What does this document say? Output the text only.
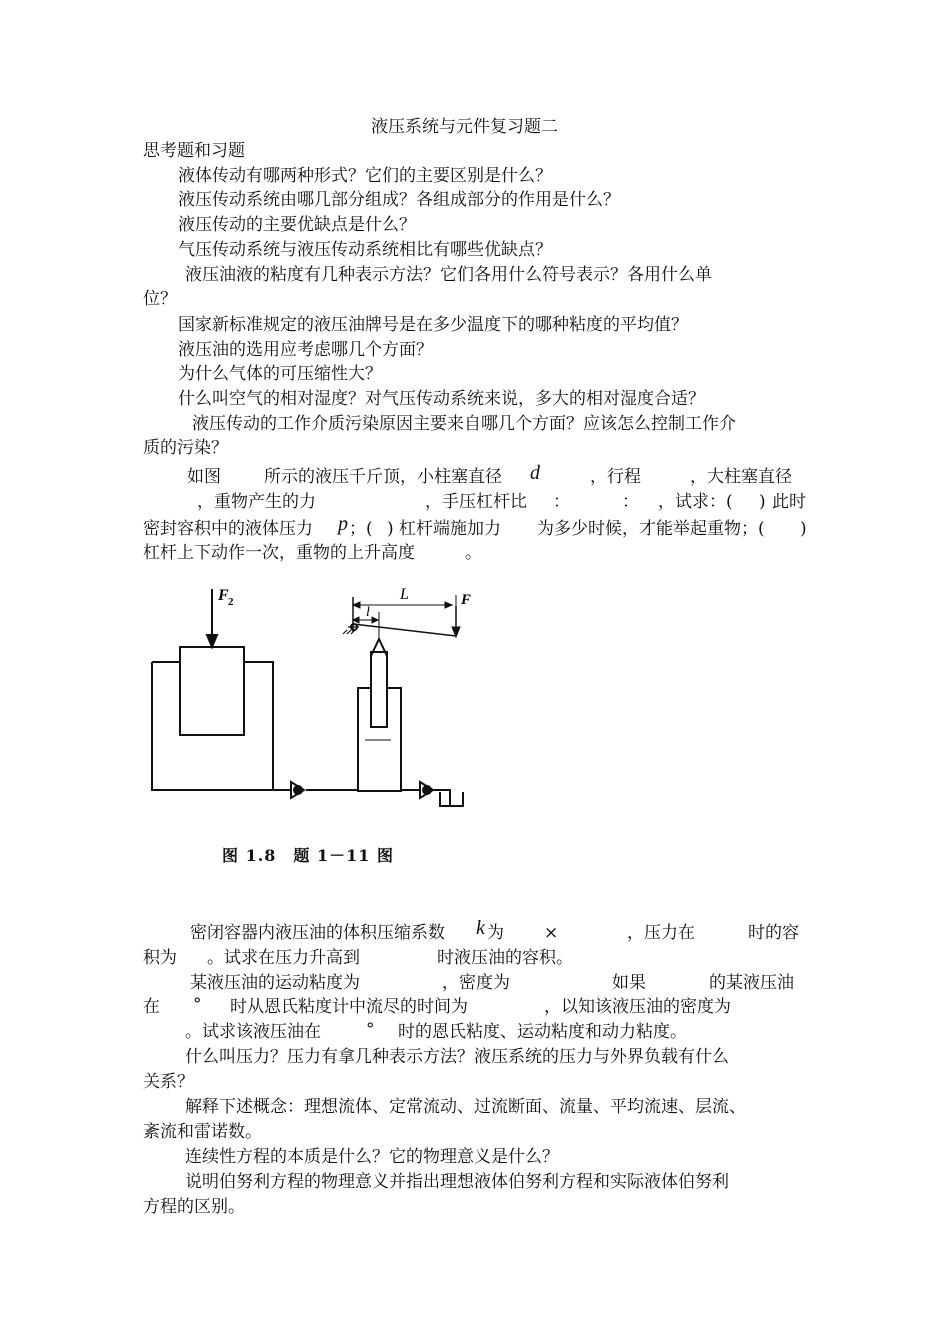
液压系统与元件复习题二
思考题和习题
液体传动有哪两种形式？它们的主要区别是什么？
液压传动系统由哪几部分组成？各组成部分的作用是什么？
液压传动的主要优缺点是什么？
气压传动系统与液压传动系统相比有哪些优缺点？
液压油液的粘度有几种表示方法？它们各用什么符号表示？各用什么单
位？
国家新标准规定的液压油牌号是在多少温度下的哪种粘度的平均值？
液压油的选用应考虑哪几个方面？
为什么气体的可压缩性大？
什么叫空气的相对湿度？对气压传动系统来说，多大的相对湿度合适？
液压传动的工作介质污染原因主要来自哪几个方面？应该怎么控制工作介
质的污染？
如图	所示的液压千斤顶，小柱塞直径 d	，行程	，大柱塞直径
，重物产生的力	，手压杠杆比 ：	： ，试求：( ) 此时
密封容积中的液体压力 p ；( ) 杠杆端施加力 为多少时候，才能举起重物；( )
杠杆上下动作一次，重物的上升高度	。
F 2	L
l
F
图 1.8　题 1－11 图
密闭容器内液压油的体积压缩系数 k 为 ×	，压力在	时的容
积为 。试求在压力升高到	时液压油的容积。
某液压油的运动粘度为	，密度为	如果	的某液压油
在 ° 时从恩氏粘度计中流尽的时间为	，以知该液压油的密度为
。试求该液压油在	° 时的恩氏粘度、运动粘度和动力粘度。
什么叫压力？压力有拿几种表示方法？液压系统的压力与外界负载有什么
关系？
解释下述概念：理想流体、定常流动、过流断面、流量、平均流速、层流、
紊流和雷诺数。
连续性方程的本质是什么？它的物理意义是什么？
说明伯努利方程的物理意义并指出理想液体伯努利方程和实际液体伯努利
方程的区别。
